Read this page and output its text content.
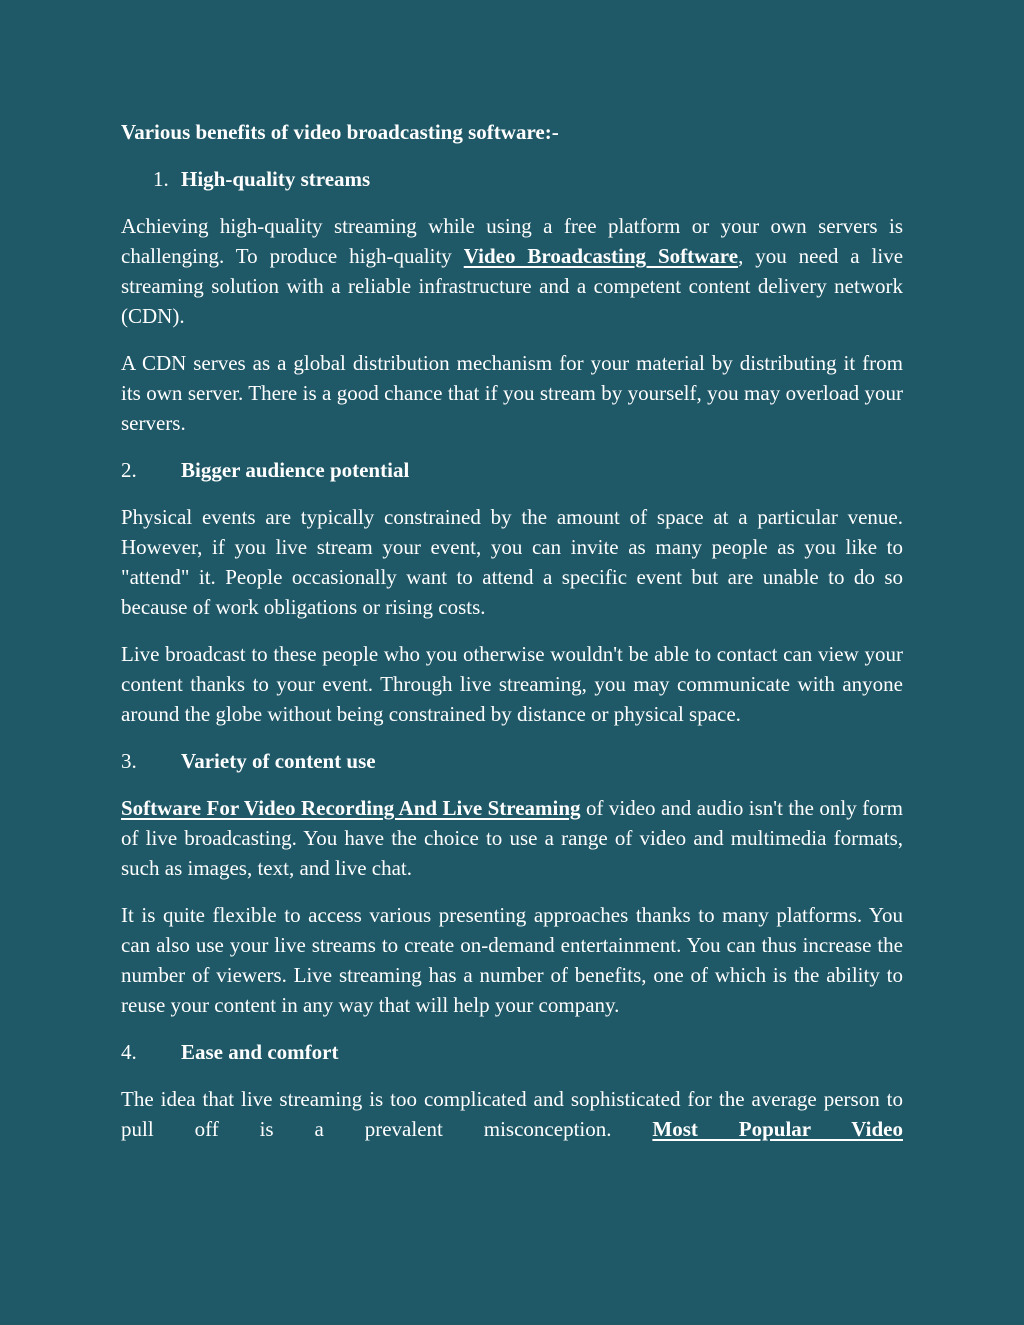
Various benefits of video broadcasting software:-
1. High-quality streams

Achieving high-quality streaming while using a free platform or your own servers is challenging. To produce high-quality Video Broadcasting Software, you need a live streaming solution with a reliable infrastructure and a competent content delivery network (CDN).

A CDN serves as a global distribution mechanism for your material by distributing it from its own server. There is a good chance that if you stream by yourself, you may overload your servers.

2.	Bigger audience potential

Physical events are typically constrained by the amount of space at a particular venue. However, if you live stream your event, you can invite as many people as you like to "attend" it. People occasionally want to attend a specific event but are unable to do so because of work obligations or rising costs.

Live broadcast to these people who you otherwise wouldn't be able to contact can view your content thanks to your event. Through live streaming, you may communicate with anyone around the globe without being constrained by distance or physical space.

3.	Variety of content use

Software For Video Recording And Live Streaming of video and audio isn't the only form of live broadcasting. You have the choice to use a range of video and multimedia formats, such as images, text, and live chat.

It is quite flexible to access various presenting approaches thanks to many platforms. You can also use your live streams to create on-demand entertainment. You can thus increase the number of viewers. Live streaming has a number of benefits, one of which is the ability to reuse your content in any way that will help your company.

4.	Ease and comfort

The idea that live streaming is too complicated and sophisticated for the average person to pull off is a prevalent misconception. Most Popular Video
